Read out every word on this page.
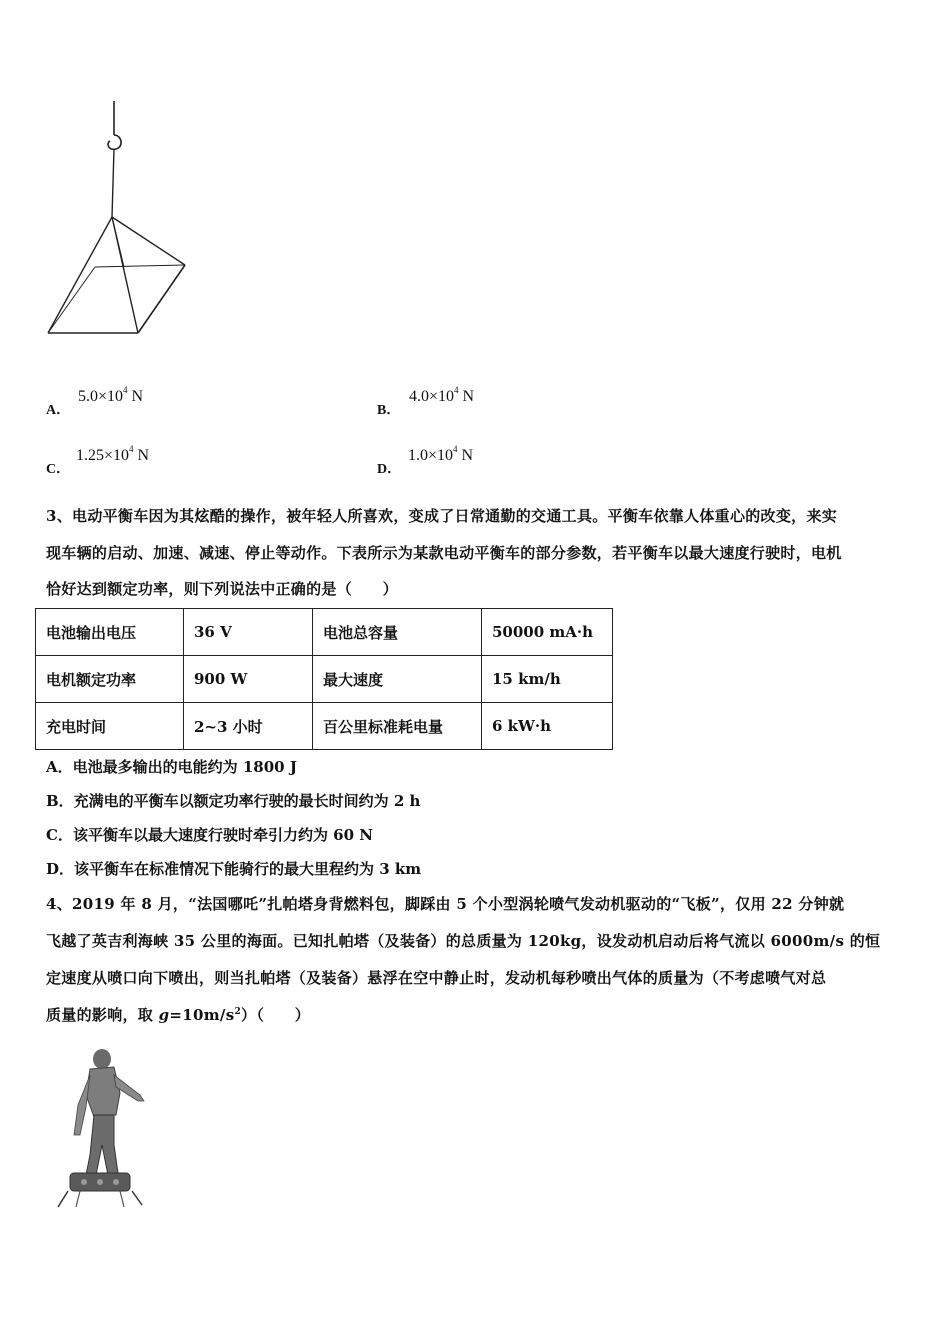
A．
$5.0\times 10^4$ N
B．
$4.0\times 10^4$ N
C．
$1.25\times 10^4$ N
D．
$1.0\times 10^4$ N
3、电动平衡车因为其炫酷的操作，被年轻人所喜欢，变成了日常通勤的交通工具。平衡车依靠人体重心的改变，来实
现车辆的启动、加速、减速、停止等动作。下表所示为某款电动平衡车的部分参数，若平衡车以最大速度行驶时，电机
恰好达到额定功率，则下列说法中正确的是（　　）
电池输出电压	36 V	电池总容量	50000 mA·h
电机额定功率	900 W	最大速度	15 km/h
充电时间	2~3 小时	百公里标准耗电量	6 kW·h
A．电池最多输出的电能约为 1800 J
B．充满电的平衡车以额定功率行驶的最长时间约为 2 h
C．该平衡车以最大速度行驶时牵引力约为 60 N
D．该平衡车在标准情况下能骑行的最大里程约为 3 km
4、2019 年 8 月，“法国哪吒”扎帕塔身背燃料包，脚踩由 5 个小型涡轮喷气发动机驱动的“飞板”，仅用 22 分钟就
飞越了英吉利海峡 35 公里的海面。已知扎帕塔（及装备）的总质量为 120kg，设发动机启动后将气流以 6000m/s 的恒
定速度从喷口向下喷出，则当扎帕塔（及装备）悬浮在空中静止时，发动机每秒喷出气体的质量为（不考虑喷气对总
质量的影响，取 $g=10m/s^2$）（　　）
